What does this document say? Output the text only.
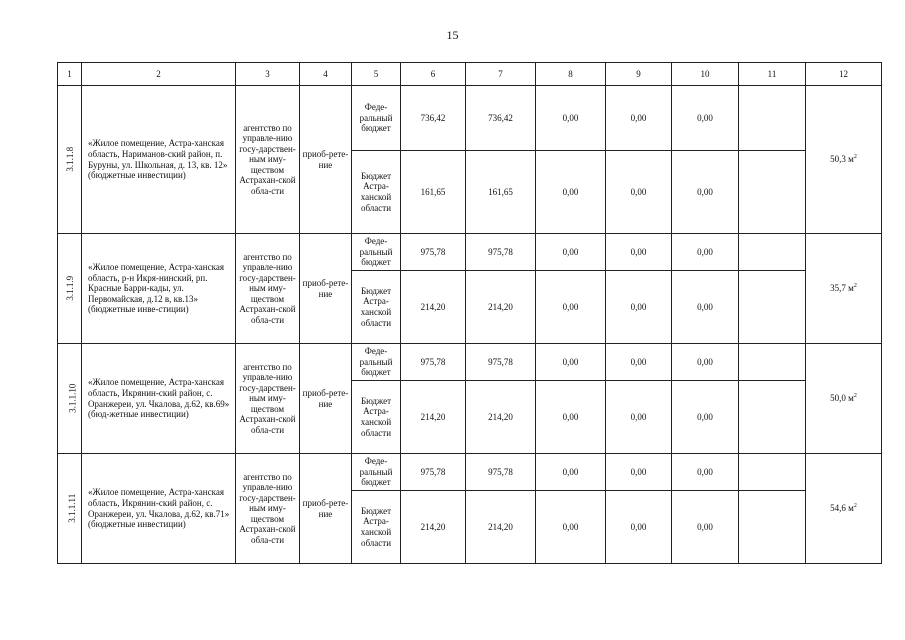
15
1	2	3	4	5	6	7	8	9	10	11	12
3.1.1.8	«Жилое помещение, Астра-ханская область, Нариманов-ский район, п. Буруны, ул. Школьная, д. 13, кв. 12» (бюджетные инвестиции)	агентство по управле-нию госу-дарствен-ным иму-ществом Астрахан-ской обла-сти	приоб-рете-ние	Феде-ральный бюджет	736,42	736,42	0,00	0,00	0,00		50,3 $м^2$
				Бюджет Астра-ханской области	161,65	161,65	0,00	0,00	0,00		
3.1.1.9	«Жилое помещение, Астра-ханская область, р-н Икря-нинский, рп. Красные Барри-кады, ул. Первомайская, д.12 в, кв.13» (бюджетные инве-стиции)	агентство по управле-нию госу-дарствен-ным иму-ществом Астрахан-ской обла-сти	приоб-рете-ние	Феде-ральный бюджет	975,78	975,78	0,00	0,00	0,00		35,7 $м^2$
				Бюджет Астра-ханской области	214,20	214,20	0,00	0,00	0,00		
3.1.1.10	«Жилое помещение, Астра-ханская область, Икрянин-ский район, с. Оранжереи, ул. Чкалова, д.62, кв.69» (бюд-жетные инвестиции)	агентство по управле-нию госу-дарствен-ным иму-ществом Астрахан-ской обла-сти	приоб-рете-ние	Феде-ральный бюджет	975,78	975,78	0,00	0,00	0,00		50,0 $м^2$
				Бюджет Астра-ханской области	214,20	214,20	0,00	0,00	0,00		
3.1.1.11	«Жилое помещение, Астра-ханская область, Икрянин-ский район, с. Оранжереи, ул. Чкалова, д.62, кв.71» (бюджетные инвестиции)	агентство по управле-нию госу-дарствен-ным иму-ществом Астрахан-ской обла-сти	приоб-рете-ние	Феде-ральный бюджет	975,78	975,78	0,00	0,00	0,00		54,6 $м^2$
				Бюджет Астра-ханской области	214,20	214,20	0,00	0,00	0,00		
